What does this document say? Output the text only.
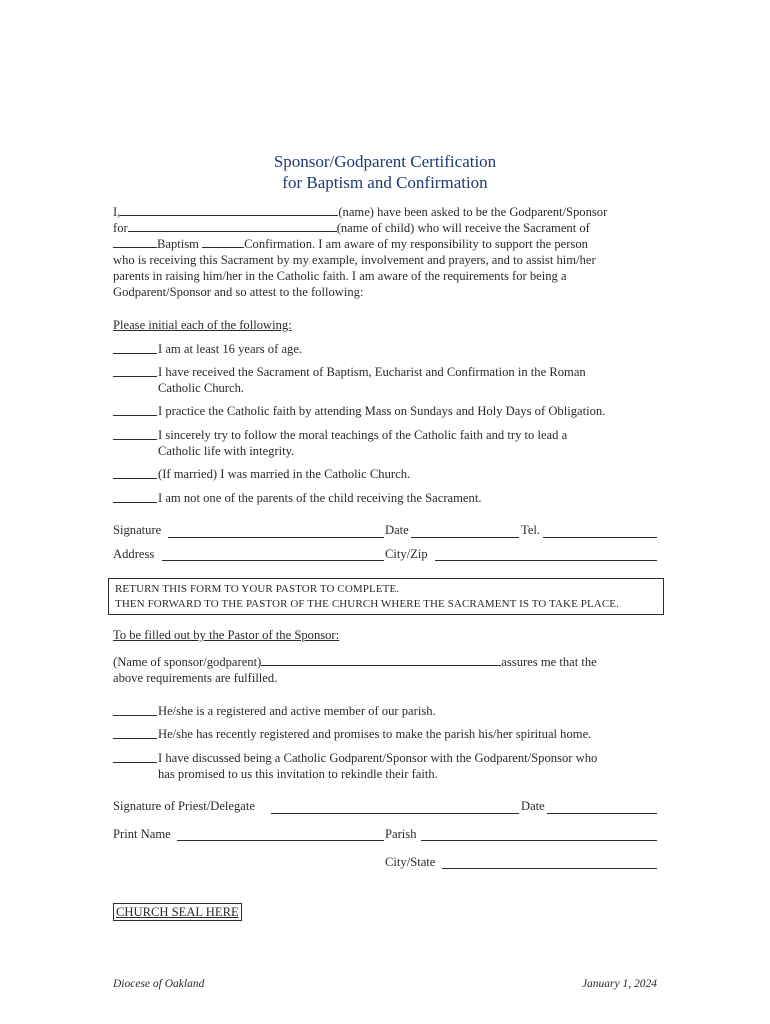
Sponsor/Godparent Certification
for Baptism and Confirmation
I,	(name) have been asked to be the Godparent/Sponsor
for	(name of child) who will receive the Sacrament of
Baptism	Confirmation. I am aware of my responsibility to support the person
who is receiving this Sacrament by my example, involvement and prayers, and to assist him/her
parents in raising him/her in the Catholic faith. I am aware of the requirements for being a
Godparent/Sponsor and so attest to the following:
Please initial each of the following:
I am at least 16 years of age.
I have received the Sacrament of Baptism, Eucharist and Confirmation in the Roman
Catholic Church.
I practice the Catholic faith by attending Mass on Sundays and Holy Days of Obligation.
I sincerely try to follow the moral teachings of the Catholic faith and try to lead a
Catholic life with integrity.
(If married) I was married in the Catholic Church.
I am not one of the parents of the child receiving the Sacrament.
Signature	Date	Tel.
Address	City/Zip
RETURN THIS FORM TO YOUR PASTOR TO COMPLETE.
THEN FORWARD TO THE PASTOR OF THE CHURCH WHERE THE SACRAMENT IS TO TAKE PLACE.
To be filled out by the Pastor of the Sponsor:
(Name of sponsor/godparent)	assures me that the
above requirements are fulfilled.
He/she is a registered and active member of our parish.
He/she has recently registered and promises to make the parish his/her spiritual home.
I have discussed being a Catholic Godparent/Sponsor with the Godparent/Sponsor who
has promised to us this invitation to rekindle their faith.
Signature of Priest/Delegate	Date
Print Name	Parish
City/State
CHURCH SEAL HERE
Diocese of Oakland	January 1, 2024
